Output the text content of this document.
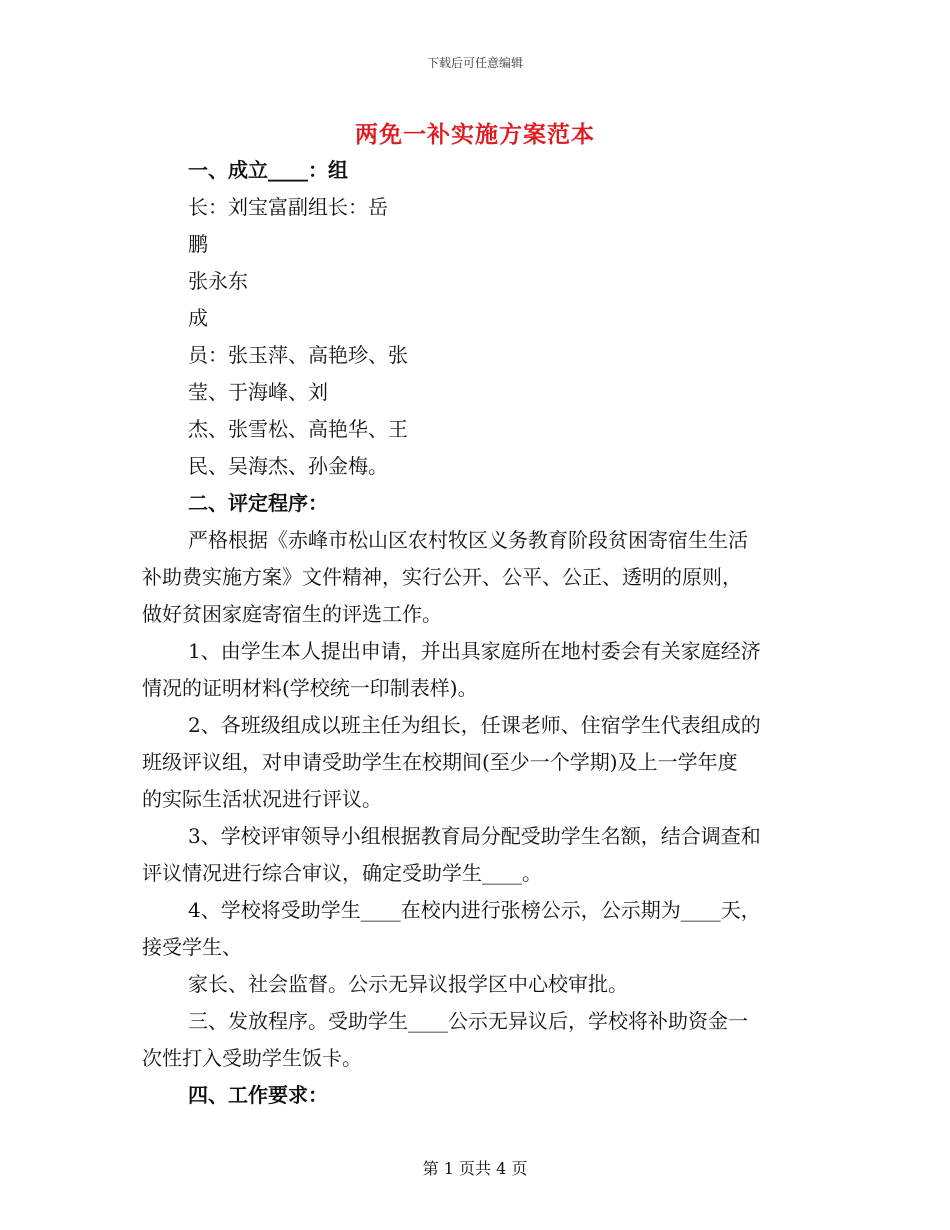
下载后可任意编辑
两免一补实施方案范本
一、成立____：组
长：刘宝富副组长：岳
鹏
张永东
成
员：张玉萍、高艳珍、张
莹、于海峰、刘
杰、张雪松、高艳华、王
民、吴海杰、孙金梅。
二、评定程序：
严格根据《赤峰市松山区农村牧区义务教育阶段贫困寄宿生生活
补助费实施方案》文件精神，实行公开、公平、公正、透明的原则，
做好贫困家庭寄宿生的评选工作。
1、由学生本人提出申请，并出具家庭所在地村委会有关家庭经济
情况的证明材料(学校统一印制表样)。
2、各班级组成以班主任为组长，任课老师、住宿学生代表组成的
班级评议组，对申请受助学生在校期间(至少一个学期)及上一学年度
的实际生活状况进行评议。
3、学校评审领导小组根据教育局分配受助学生名额，结合调查和
评议情况进行综合审议，确定受助学生____。
4、学校将受助学生____在校内进行张榜公示，公示期为____天，
接受学生、
家长、社会监督。公示无异议报学区中心校审批。
三、发放程序。受助学生____公示无异议后，学校将补助资金一
次性打入受助学生饭卡。
四、工作要求：
第 1 页共 4 页
